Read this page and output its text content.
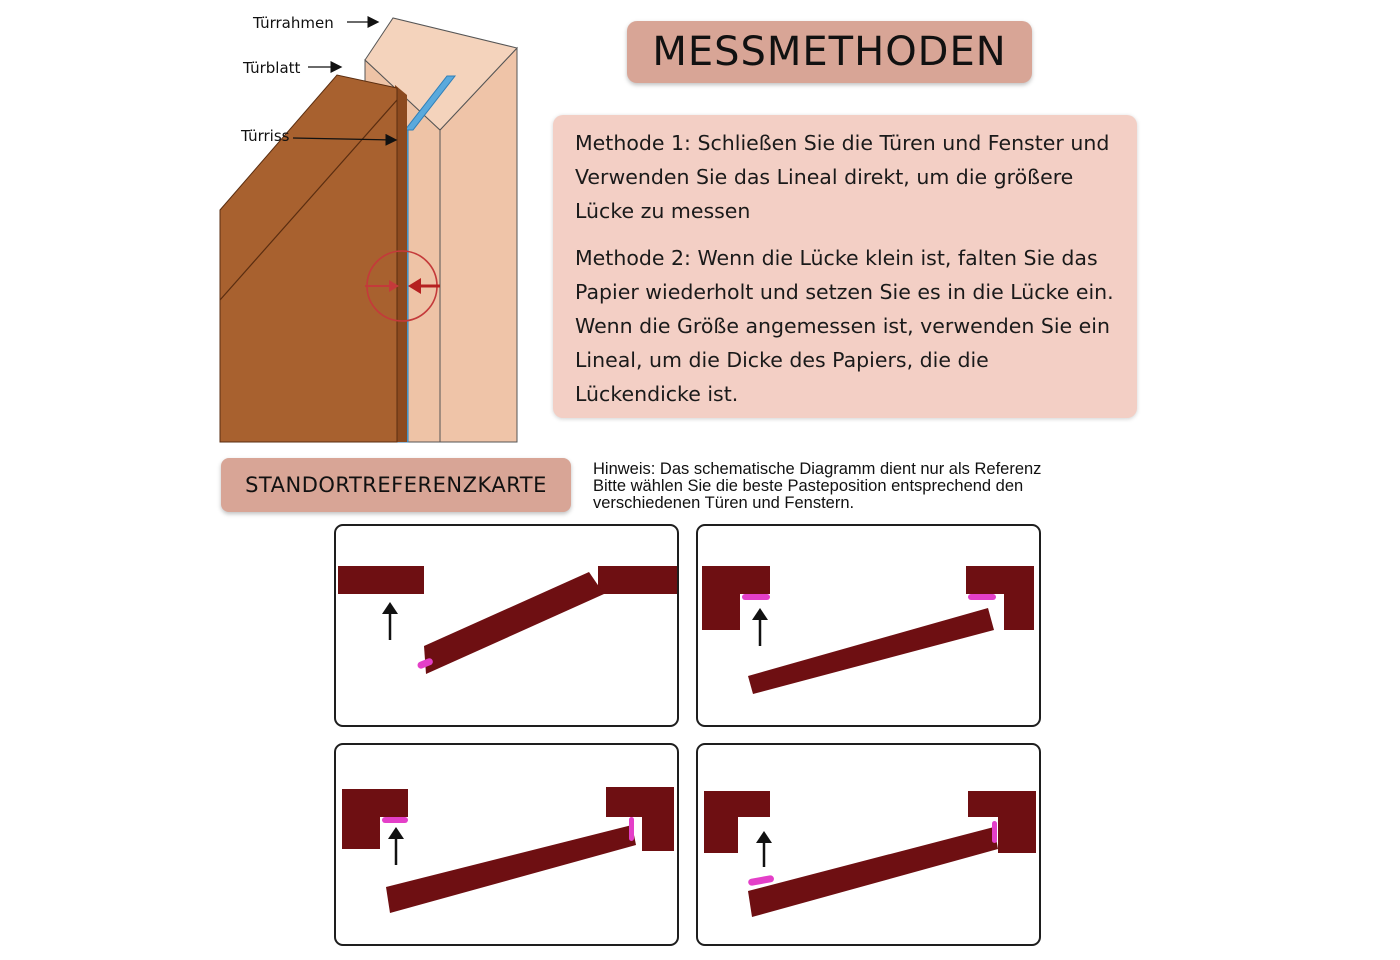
Türrahmen
Türblatt
Türriss
MESSMETHODEN

Methode 1: Schließen Sie die Türen und Fenster und Verwenden Sie das Lineal direkt, um die größere Lücke zu messen

Methode 2: Wenn die Lücke klein ist, falten Sie das Papier wiederholt und setzen Sie es in die Lücke ein. Wenn die Größe angemessen ist, verwenden Sie ein Lineal, um die Dicke des Papiers, die die Lückendicke ist.

STANDORTREFERENZKARTE
Hinweis: Das schematische Diagramm dient nur als Referenz
Bitte wählen Sie die beste Pasteposition entsprechend den
verschiedenen Türen und Fenstern.
